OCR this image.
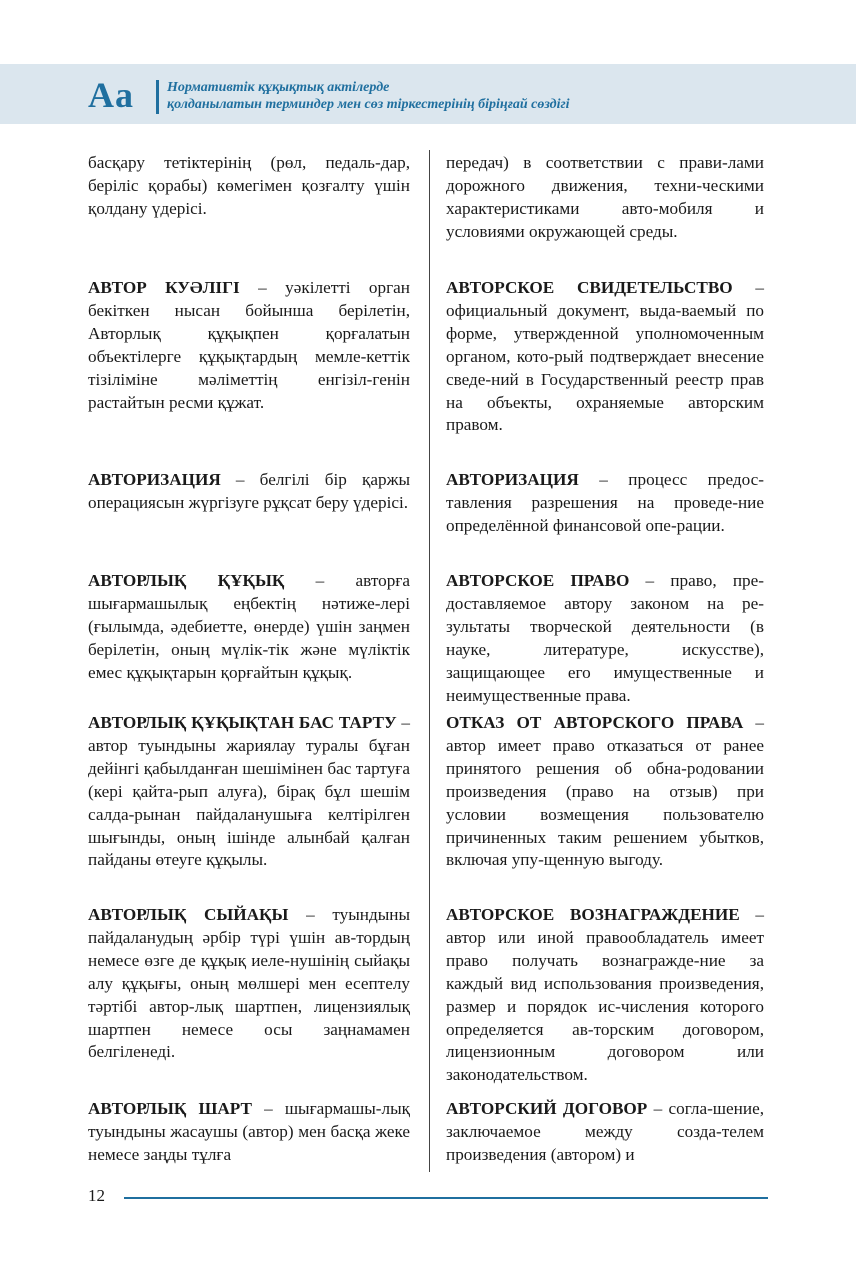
Aa Нормативтік құқықтық актілерде
қолданылатын терминдер мен сөз тіркестерінің біріңғай сөздігі

басқару тетіктерінің (рөл, педаль-дар, беріліс қорабы) көмегімен қозғалту үшін қолдану үдерісі.

АВТОР КУӘЛІГІ – уәкілетті орган бекіткен нысан бойынша берілетін, Авторлық құқықпен қорғалатын объектілерге құқықтардың мемле-кеттік тізіліміне мәліметтің енгізіл-генін растайтын ресми құжат.

АВТОРИЗАЦИЯ – белгілі бір қаржы операциясын жүргізуге рұқсат беру үдерісі.

АВТОРЛЫҚ ҚҰҚЫҚ – авторға шығармашылық еңбектің нәтиже-лері (ғылымда, әдебиетте, өнерде) үшін заңмен берілетін, оның мүлік-тік және мүліктік емес құқықтарын қорғайтын құқық.

АВТОРЛЫҚ ҚҰҚЫҚТАН БАС ТАРТУ – автор туындыны жариялау туралы бұған дейінгі қабылданған шешімінен бас тартуға (кері қайта-рып алуға), бірақ бұл шешім салда-рынан пайдаланушыға келтірілген шығынды, оның ішінде алынбай қалған пайданы өтеуге құқылы.

АВТОРЛЫҚ СЫЙАҚЫ – туындыны пайдаланудың әрбір түрі үшін ав-тордың немесе өзге де құқық иеле-нушінің сыйақы алу құқығы, оның мөлшері мен есептелу тәртібі автор-лық шартпен, лицензиялық шартпен немесе осы заңнамамен белгіленеді.

АВТОРЛЫҚ ШАРТ – шығармашы-лық туындыны жасаушы (автор) мен басқа жеке немесе заңды тұлға

передач) в соответствии с прави-лами дорожного движения, техни-ческими характеристиками авто-мобиля и условиями окружающей среды.

АВТОРСКОЕ СВИДЕТЕЛЬСТВО – официальный документ, выда-ваемый по форме, утвержденной уполномоченным органом, кото-рый подтверждает внесение сведе-ний в Государственный реестр прав на объекты, охраняемые авторским правом.

АВТОРИЗАЦИЯ – процесс предос-тавления разрешения на проведе-ние определённой финансовой опе-рации.

АВТОРСКОЕ ПРАВО – право, пре-доставляемое автору законом на ре-зультаты творческой деятельности (в науке, литературе, искусстве), защищающее его имущественные и неимущественные права.

ОТКАЗ ОТ АВТОРСКОГО ПРАВА – автор имеет право отказаться от ранее принятого решения об обна-родовании произведения (право на отзыв) при условии возмещения пользователю причиненных таким решением убытков, включая упу-щенную выгоду.

АВТОРСКОЕ ВОЗНАГРАЖДЕНИЕ – автор или иной правообладатель имеет право получать вознагражде-ние за каждый вид использования произведения, размер и порядок ис-числения которого определяется ав-торским договором, лицензионным договором или законодательством.

АВТОРСКИЙ ДОГОВОР – согла-шение, заключаемое между созда-телем произведения (автором) и

12
